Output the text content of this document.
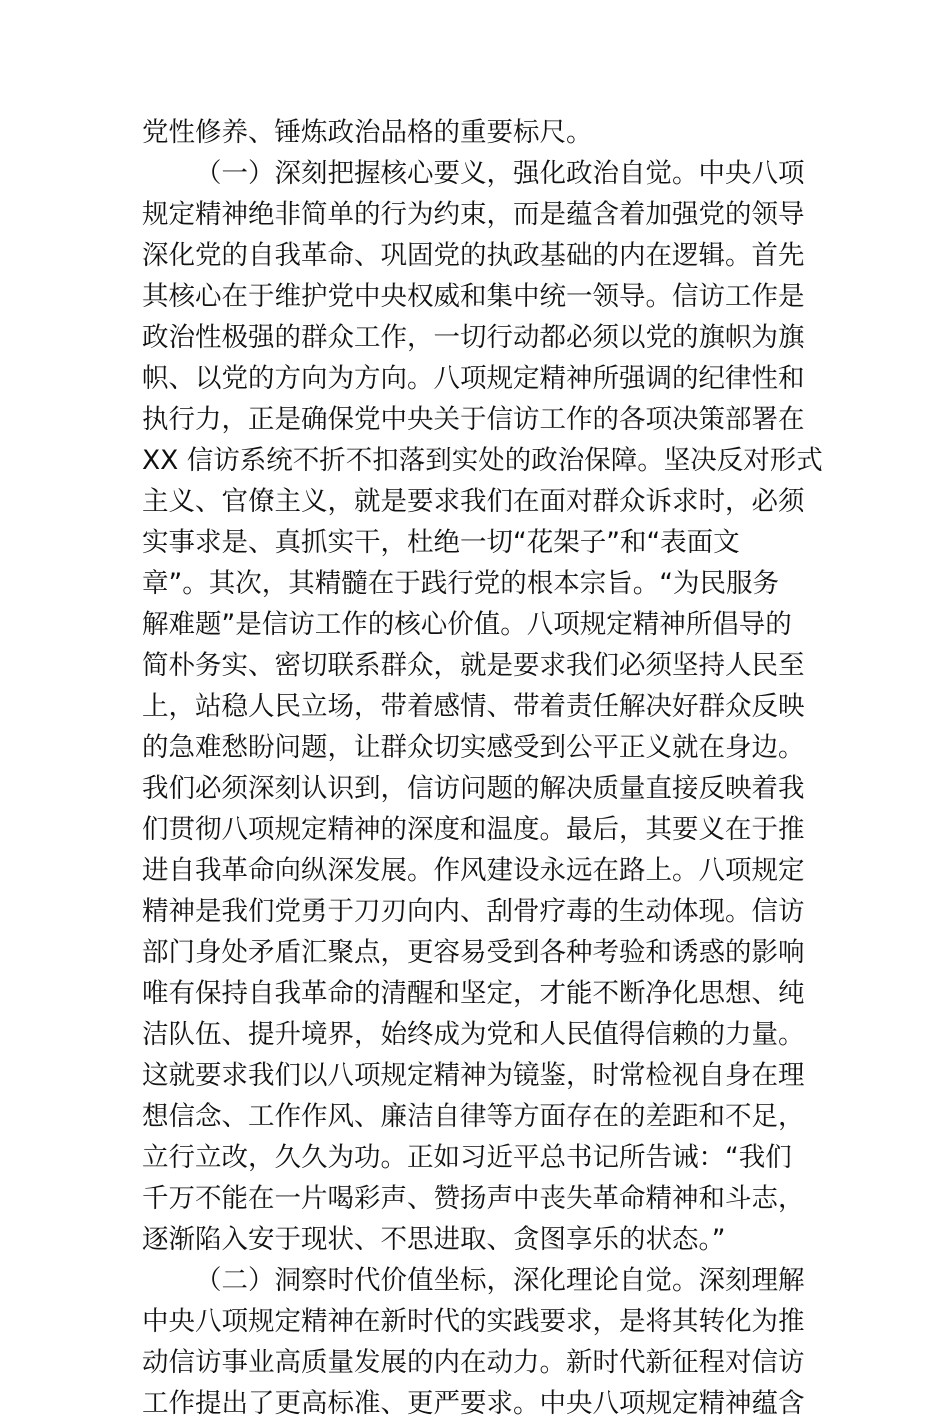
党性修养、锤炼政治品格的重要标尺。
（一）深刻把握核心要义，强化政治自觉。中央八项
规定精神绝非简单的行为约束，而是蕴含着加强党的领导
深化党的自我革命、巩固党的执政基础的内在逻辑。首先
其核心在于维护党中央权威和集中统一领导。信访工作是
政治性极强的群众工作，一切行动都必须以党的旗帜为旗
帜、以党的方向为方向。八项规定精神所强调的纪律性和
执行力，正是确保党中央关于信访工作的各项决策部署在
XX 信访系统不折不扣落到实处的政治保障。坚决反对形式
主义、官僚主义，就是要求我们在面对群众诉求时，必须
实事求是、真抓实干，杜绝一切“花架子”和“表面文
章”。其次，其精髓在于践行党的根本宗旨。“为民服务
解难题”是信访工作的核心价值。八项规定精神所倡导的
简朴务实、密切联系群众，就是要求我们必须坚持人民至
上，站稳人民立场，带着感情、带着责任解决好群众反映
的急难愁盼问题，让群众切实感受到公平正义就在身边。
我们必须深刻认识到，信访问题的解决质量直接反映着我
们贯彻八项规定精神的深度和温度。最后，其要义在于推
进自我革命向纵深发展。作风建设永远在路上。八项规定
精神是我们党勇于刀刃向内、刮骨疗毒的生动体现。信访
部门身处矛盾汇聚点，更容易受到各种考验和诱惑的影响
唯有保持自我革命的清醒和坚定，才能不断净化思想、纯
洁队伍、提升境界，始终成为党和人民值得信赖的力量。
这就要求我们以八项规定精神为镜鉴，时常检视自身在理
想信念、工作作风、廉洁自律等方面存在的差距和不足，
立行立改，久久为功。正如习近平总书记所告诫：“我们
千万不能在一片喝彩声、赞扬声中丧失革命精神和斗志，
逐渐陷入安于现状、不思进取、贪图享乐的状态。”
（二）洞察时代价值坐标，深化理论自觉。深刻理解
中央八项规定精神在新时代的实践要求，是将其转化为推
动信访事业高质量发展的内在动力。新时代新征程对信访
工作提出了更高标准、更严要求。中央八项规定精神蕴含
